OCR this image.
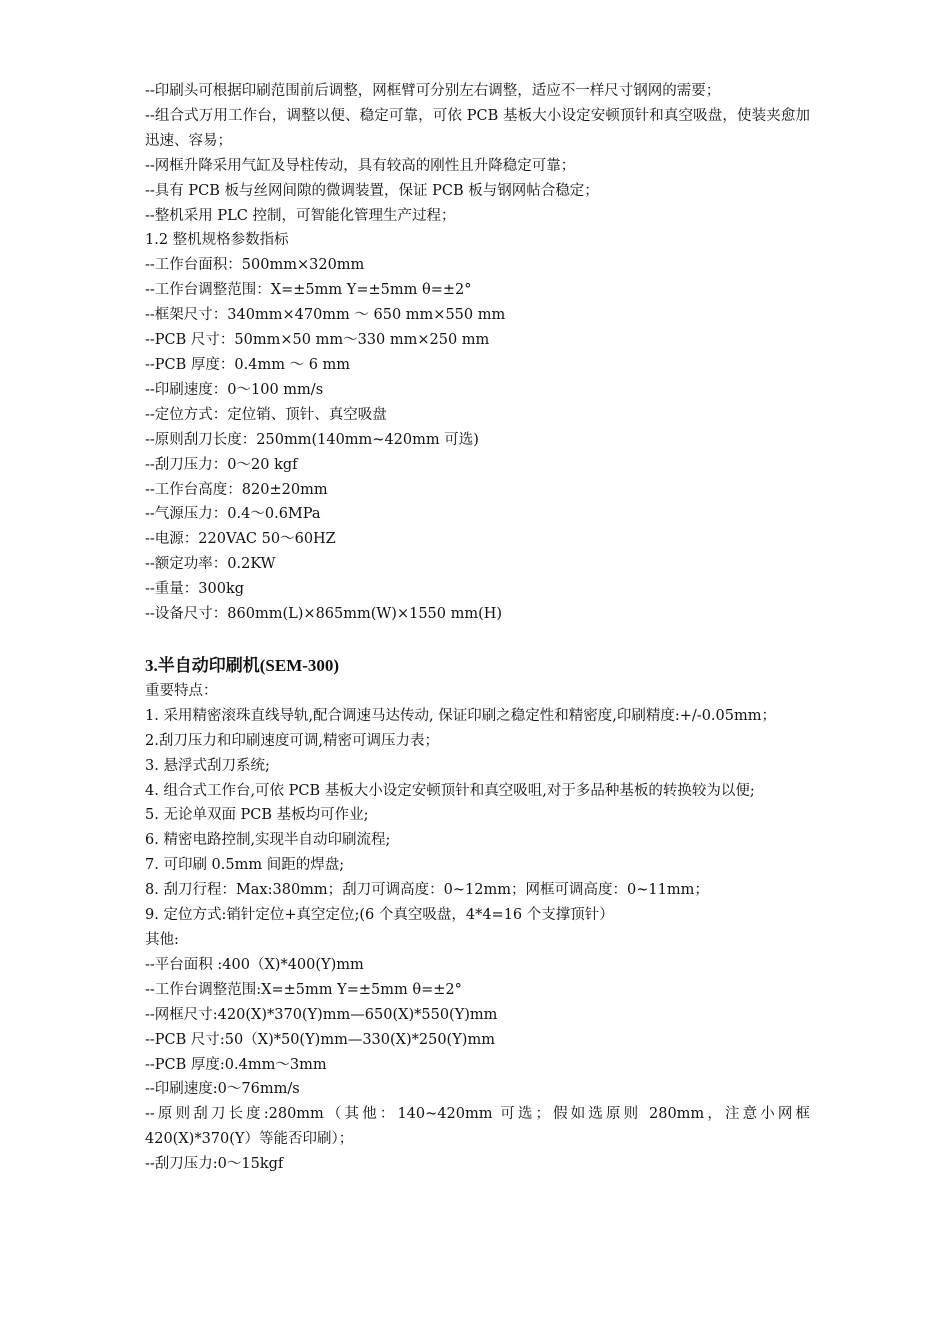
--印刷头可根据印刷范围前后调整，网框臂可分别左右调整，适应不一样尺寸钢网的需要；
--组合式万用工作台，调整以便、稳定可靠，可依 PCB 基板大小设定安顿顶针和真空吸盘，使装夹愈加迅速、容易；
--网框升降采用气缸及导柱传动，具有较高的刚性且升降稳定可靠；
--具有 PCB 板与丝网间隙的微调装置，保证 PCB 板与钢网帖合稳定；
--整机采用 PLC 控制，可智能化管理生产过程；
1.2 整机规格参数指标
--工作台面积：500mm×320mm
--工作台调整范围：X=±5mm Y=±5mm θ=±2°
--框架尺寸：340mm×470mm ～ 650 mm×550 mm
--PCB 尺寸：50mm×50 mm～330 mm×250 mm
--PCB 厚度：0.4mm ～ 6 mm
--印刷速度：0～100 mm/s
--定位方式：定位销、顶针、真空吸盘
--原则刮刀长度：250mm(140mm~420mm 可选)
--刮刀压力：0～20 kgf
--工作台高度：820±20mm
--气源压力：0.4～0.6MPa
--电源：220VAC 50～60HZ
--额定功率：0.2KW
--重量：300kg
--设备尺寸：860mm(L)×865mm(W)×1550 mm(H)
3.半自动印刷机(SEM-300)
重要特点：
1. 采用精密滚珠直线导轨,配合调速马达传动, 保证印刷之稳定性和精密度,印刷精度:+/-0.05mm；
2.刮刀压力和印刷速度可调,精密可调压力表；
3. 悬浮式刮刀系统;
4. 组合式工作台,可依 PCB 基板大小设定安顿顶针和真空吸咀,对于多品种基板的转换较为以便;
5. 无论单双面 PCB 基板均可作业;
6. 精密电路控制,实现半自动印刷流程;
7. 可印刷 0.5mm 间距的焊盘;
8. 刮刀行程：Max:380mm；刮刀可调高度：0~12mm；网框可调高度：0~11mm；
9. 定位方式:销针定位+真空定位;(6 个真空吸盘，4*4=16 个支撑顶针）
其他:
--平台面积 :400（X)*400(Y)mm
--工作台调整范围:X=±5mm Y=±5mm θ=±2°
--网框尺寸:420(X)*370(Y)mm—650(X)*550(Y)mm
--PCB 尺寸:50（X)*50(Y)mm—330(X)*250(Y)mm
--PCB 厚度:0.4mm～3mm
--印刷速度:0～76mm/s
--原则刮刀长度:280mm（其他：140~420mm 可选；假如选原则 280mm，注意小网框 420(X)*370(Y）等能否印刷）；
--刮刀压力:0～15kgf
